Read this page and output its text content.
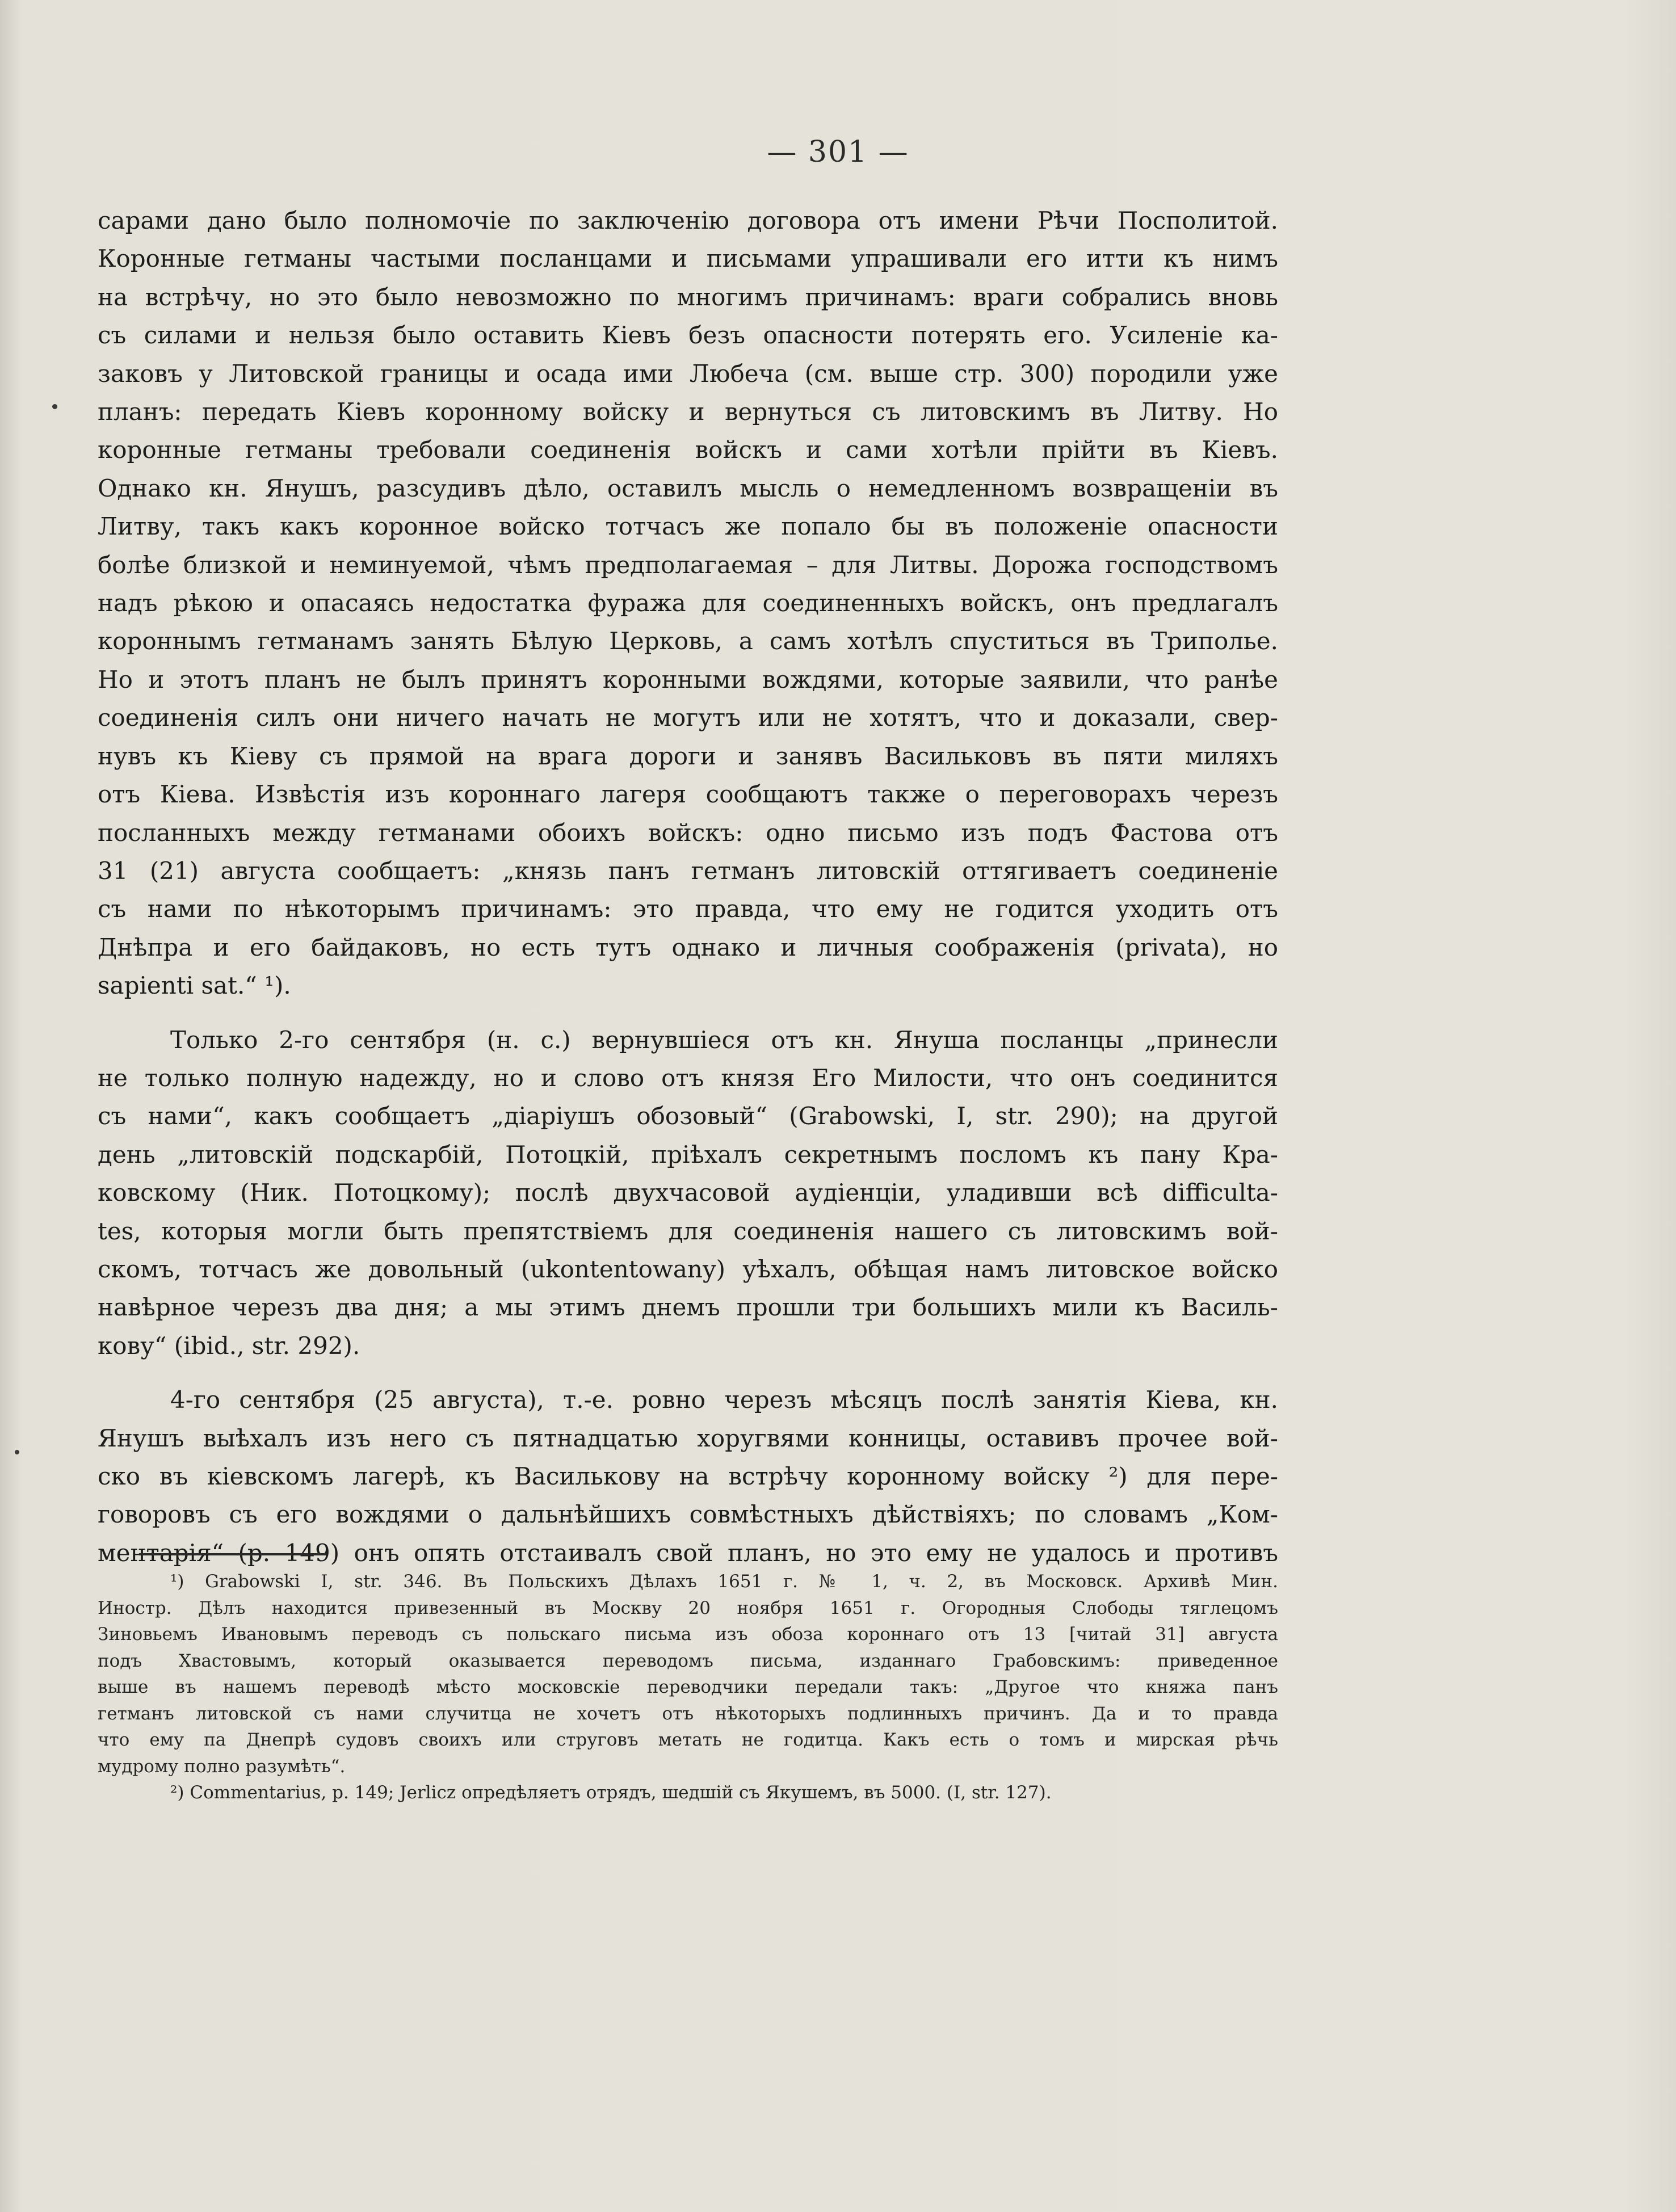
— 301 —
сарами дано было полномочіе по заключенію договора отъ имени Рѣчи Посполитой.
Коронные гетманы частыми посланцами и письмами упрашивали его итти къ нимъ
на встрѣчу, но это было невозможно по многимъ причинамъ: враги собрались вновь
съ силами и нельзя было оставить Кіевъ безъ опасности потерять его. Усиленіе ка-
заковъ у Литовской границы и осада ими Любеча (см. выше стр. 300) породили уже
планъ: передать Кіевъ коронному войску и вернуться съ литовскимъ въ Литву. Но
коронные гетманы требовали соединенія войскъ и сами хотѣли прійти въ Кіевъ.
Однако кн. Янушъ, разсудивъ дѣло, оставилъ мысль о немедленномъ возвращеніи въ
Литву, такъ какъ коронное войско тотчасъ же попало бы въ положеніе опасности
болѣе близкой и неминуемой, чѣмъ предполагаемая – для Литвы. Дорожа господствомъ
надъ рѣкою и опасаясь недостатка фуража для соединенныхъ войскъ, онъ предлагалъ
короннымъ гетманамъ занять Бѣлую Церковь, а самъ хотѣлъ спуститься въ Триполье.
Но и этотъ планъ не былъ принятъ коронными вождями, которые заявили, что ранѣе
соединенія силъ они ничего начать не могутъ или не хотятъ, что и доказали, свер-
нувъ къ Кіеву съ прямой на врага дороги и занявъ Васильковъ въ пяти миляхъ
отъ Кіева. Извѣстія изъ короннаго лагеря сообщаютъ также о переговорахъ черезъ
посланныхъ между гетманами обоихъ войскъ: одно письмо изъ подъ Фастова отъ
31 (21) августа сообщаетъ: „князь панъ гетманъ литовскій оттягиваетъ соединеніе
съ нами по нѣкоторымъ причинамъ: это правда, что ему не годится уходить отъ
Днѣпра и его байдаковъ, но есть тутъ однако и личныя соображенія (privata), но
sapienti sat.“ ¹).
Только 2-го сентября (н. с.) вернувшіеся отъ кн. Януша посланцы „принесли
не только полную надежду, но и слово отъ князя Его Милости, что онъ соединится
съ нами“, какъ сообщаетъ „діаріушъ обозовый“ (Grabowski, I, str. 290); на другой
день „литовскій подскарбій, Потоцкій, пріѣхалъ секретнымъ посломъ къ пану Кра-
ковскому (Ник. Потоцкому); послѣ двухчасовой аудіенціи, уладивши всѣ difficulta-
tes, которыя могли быть препятствіемъ для соединенія нашего съ литовскимъ вой-
скомъ, тотчасъ же довольный (ukontentowany) уѣхалъ, обѣщая намъ литовское войско
навѣрное черезъ два дня; а мы этимъ днемъ прошли три большихъ мили къ Василь-
кову“ (ibid., str. 292).
4-го сентября (25 августа), т.-е. ровно черезъ мѣсяцъ послѣ занятія Кіева, кн.
Янушъ выѣхалъ изъ него съ пятнадцатью хоругвями конницы, оставивъ прочее вой-
ско въ кіевскомъ лагерѣ, къ Василькову на встрѣчу коронному войску ²) для пере-
говоровъ съ его вождями о дальнѣйшихъ совмѣстныхъ дѣйствіяхъ; по словамъ „Ком-
ментарія“ (р. 149) онъ опять отстаивалъ свой планъ, но это ему не удалось и противъ
¹) Grabowski I, str. 346. Въ Польскихъ Дѣлахъ 1651 г. № 1, ч. 2, въ Московск. Архивѣ Мин.
Иностр. Дѣлъ находится привезенный въ Москву 20 ноября 1651 г. Огородныя Слободы тяглецомъ
Зиновьемъ Ивановымъ переводъ съ польскаго письма изъ обоза короннаго отъ 13 [читай 31] августа
подъ Хвастовымъ, который оказывается переводомъ письма, изданнаго Грабовскимъ: приведенное
выше въ нашемъ переводѣ мѣсто московскіе переводчики передали такъ: „Другое что княжа панъ
гетманъ литовской съ нами случитца не хочетъ отъ нѣкоторыхъ подлинныхъ причинъ. Да и то правда
что ему па Днепрѣ судовъ своихъ или струговъ метать не годитца. Какъ есть о томъ и мирская рѣчь
мудрому полно разумѣть“.
²) Commentarius, р. 149; Jerlicz опредѣляетъ отрядъ, шедшій съ Якушемъ, въ 5000. (I, str. 127).
